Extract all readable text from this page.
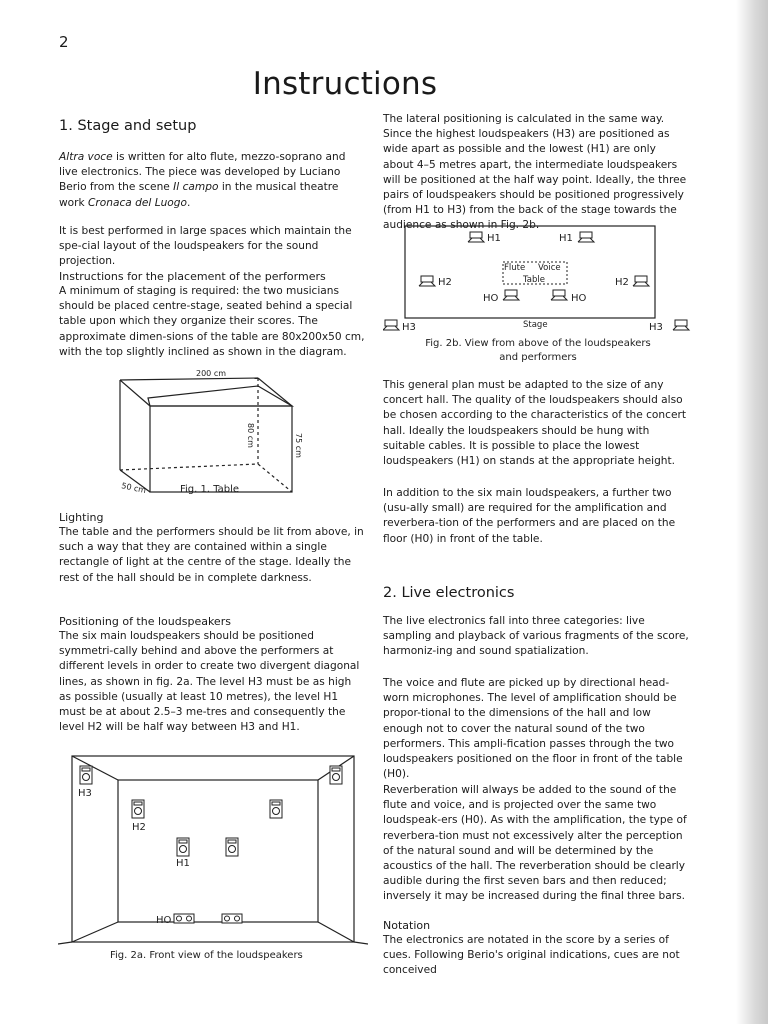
2
Instructions
1. Stage and setup
Altra voce is written for alto flute, mezzo-soprano and live electronics. The piece was developed by Luciano Berio from the scene Il campo in the musical theatre work Cronaca del Luogo.
It is best performed in large spaces which maintain the spe-cial layout of the loudspeakers for the sound projection.
Instructions for the placement of the performers
A minimum of staging is required: the two musicians should be placed centre-stage, seated behind a special table upon which they organize their scores. The approximate dimen-sions of the table are 80x200x50 cm, with the top slightly inclined as shown in the diagram.
200 cm
80 cm	75 cm
50 cm	Fig. 1. Table
Lighting
The table and the performers should be lit from above, in such a way that they are contained within a single rectangle of light at the centre of the stage. Ideally the rest of the hall should be in complete darkness.
Positioning of the loudspeakers
The six main loudspeakers should be positioned symmetri-cally behind and above the performers at different levels in order to create two divergent diagonal lines, as shown in fig. 2a. The level H3 must be as high as possible (usually at least 10 metres), the level H1 must be at about 2.5–3 me-tres and consequently the level H2 will be half way between H3 and H1.
H3
H2
H1
HO
Fig. 2a. Front view of the loudspeakers
The lateral positioning is calculated in the same way. Since the highest loudspeakers (H3) are positioned as wide apart as possible and the lowest (H1) are only about 4–5 metres apart, the intermediate loudspeakers will be positioned at the half way point. Ideally, the three pairs of loudspeakers should be positioned progressively (from H1 to H3) from the back of the stage towards the audience as shown in Fig. 2b.
H1	H1
H2	H2
HO	HO
H3	H3
Flute Voice
Table
Stage
Fig. 2b. View from above of the loudspeakers
and performers
This general plan must be adapted to the size of any concert hall. The quality of the loudspeakers should also be chosen according to the characteristics of the concert hall. Ideally the loudspeakers should be hung with suitable cables. It is possible to place the lowest loudspeakers (H1) on stands at the appropriate height.
In addition to the six main loudspeakers, a further two (usu-ally small) are required for the amplification and reverbera-tion of the performers and are placed on the floor (H0) in front of the table.
2. Live electronics
The live electronics fall into three categories: live sampling and playback of various fragments of the score, harmoniz-ing and sound spatialization.
The voice and flute are picked up by directional head-worn microphones. The level of amplification should be propor-tional to the dimensions of the hall and low enough not to cover the natural sound of the two performers. This ampli-fication passes through the two loudspeakers positioned on the floor in front of the table (H0).
Reverberation will always be added to the sound of the flute and voice, and is projected over the same two loudspeak-ers (H0). As with the amplification, the type of reverbera-tion must not excessively alter the perception of the natural sound and will be determined by the acoustics of the hall. The reverberation should be clearly audible during the first seven bars and then reduced; inversely it may be increased during the final three bars.
Notation
The electronics are notated in the score by a series of cues. Following Berio's original indications, cues are not conceived
